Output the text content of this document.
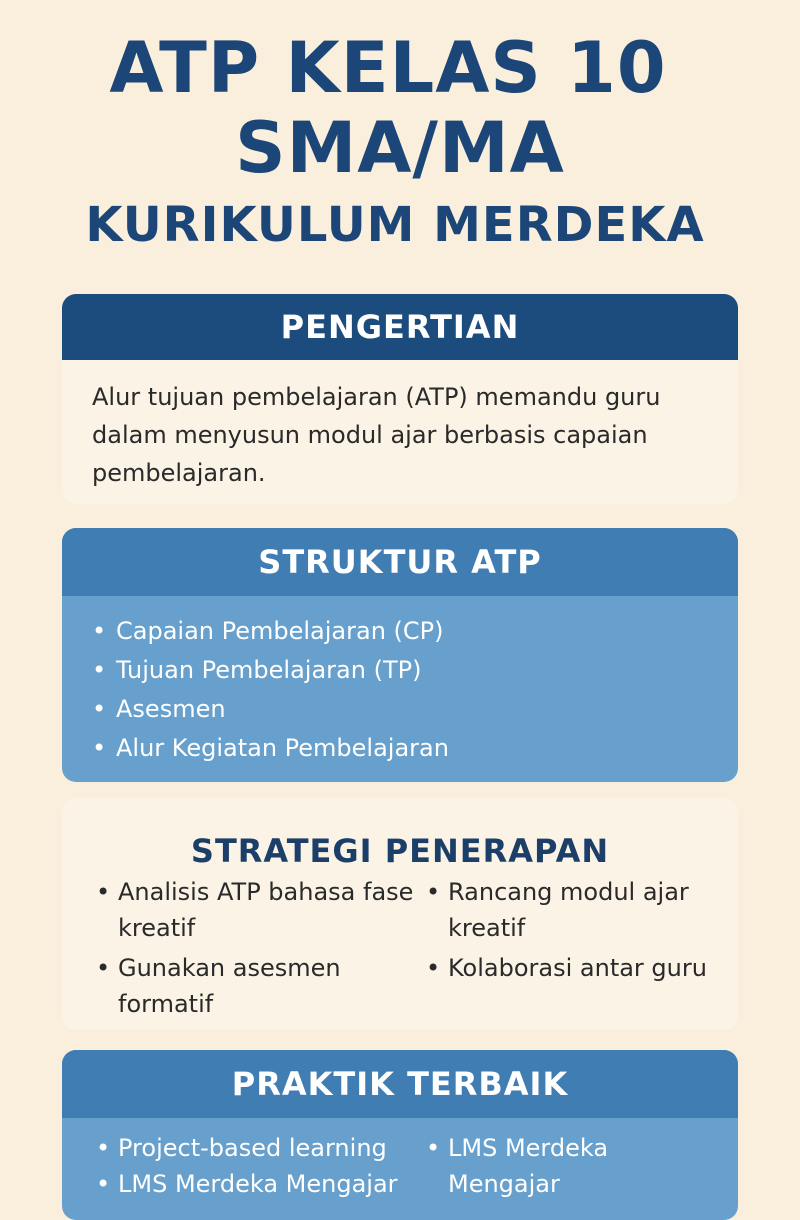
ATP KELAS 10
SMA/MA
KURIKULUM MERDEKA
PENGERTIAN
Alur tujuan pembelajaran (ATP) memandu guru dalam menyusun modul ajar berbasis capaian pembelajaran.
STRUKTUR ATP
• Capaian Pembelajaran (CP)
• Tujuan Pembelajaran (TP)
• Asesmen
• Alur Kegiatan Pembelajaran
STRATEGI PENERAPAN
• Analisis ATP bahasa fase kreatif
• Gunakan asesmen formatif
• Rancang modul ajar kreatif
• Kolaborasi antar guru
PRAKTIK TERBAIK
• Project-based learning
• LMS Merdeka Mengajar
• LMS Merdeka Mengajar
